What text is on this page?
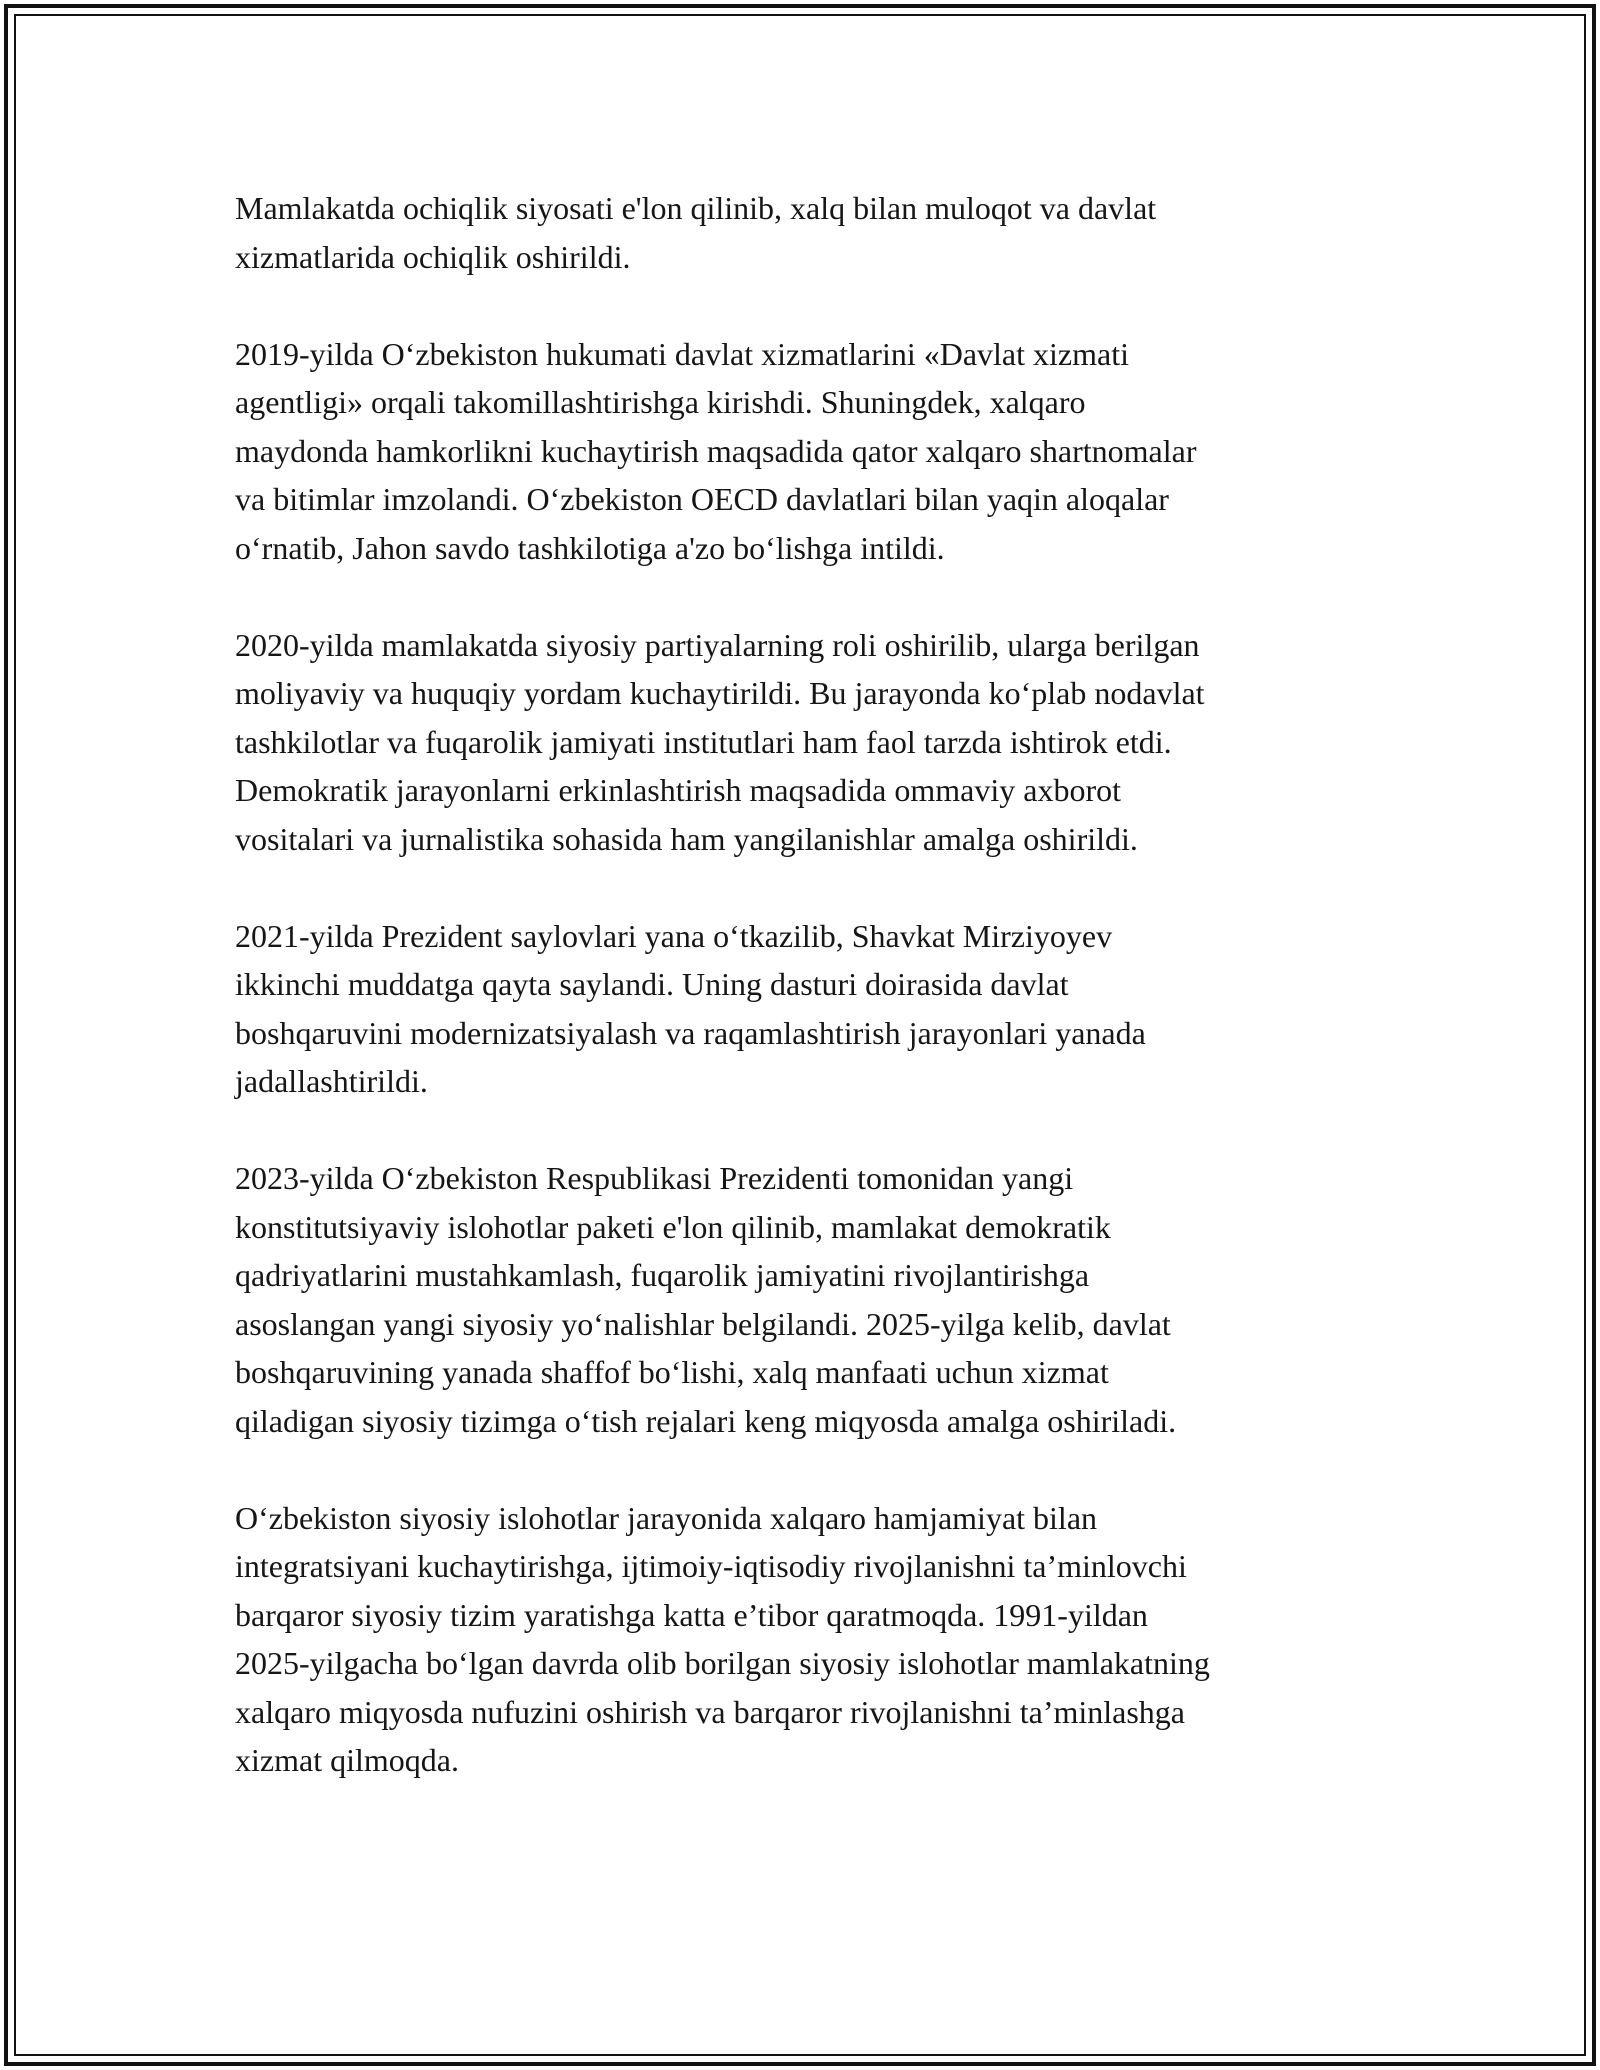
Mamlakatda ochiqlik siyosati e'lon qilinib, xalq bilan muloqot va davlat
xizmatlarida ochiqlik oshirildi.

2019-yilda O‘zbekiston hukumati davlat xizmatlarini «Davlat xizmati
agentligi» orqali takomillashtirishga kirishdi. Shuningdek, xalqaro
maydonda hamkorlikni kuchaytirish maqsadida qator xalqaro shartnomalar
va bitimlar imzolandi. O‘zbekiston OECD davlatlari bilan yaqin aloqalar
o‘rnatib, Jahon savdo tashkilotiga a'zo bo‘lishga intildi.

2020-yilda mamlakatda siyosiy partiyalarning roli oshirilib, ularga berilgan
moliyaviy va huquqiy yordam kuchaytirildi. Bu jarayonda ko‘plab nodavlat
tashkilotlar va fuqarolik jamiyati institutlari ham faol tarzda ishtirok etdi.
Demokratik jarayonlarni erkinlashtirish maqsadida ommaviy axborot
vositalari va jurnalistika sohasida ham yangilanishlar amalga oshirildi.

2021-yilda Prezident saylovlari yana o‘tkazilib, Shavkat Mirziyoyev
ikkinchi muddatga qayta saylandi. Uning dasturi doirasida davlat
boshqaruvini modernizatsiyalash va raqamlashtirish jarayonlari yanada
jadallashtirildi.

2023-yilda O‘zbekiston Respublikasi Prezidenti tomonidan yangi
konstitutsiyaviy islohotlar paketi e'lon qilinib, mamlakat demokratik
qadriyatlarini mustahkamlash, fuqarolik jamiyatini rivojlantirishga
asoslangan yangi siyosiy yo‘nalishlar belgilandi. 2025-yilga kelib, davlat
boshqaruvining yanada shaffof bo‘lishi, xalq manfaati uchun xizmat
qiladigan siyosiy tizimga o‘tish rejalari keng miqyosda amalga oshiriladi.

O‘zbekiston siyosiy islohotlar jarayonida xalqaro hamjamiyat bilan
integratsiyani kuchaytirishga, ijtimoiy-iqtisodiy rivojlanishni ta’minlovchi
barqaror siyosiy tizim yaratishga katta e’tibor qaratmoqda. 1991-yildan
2025-yilgacha bo‘lgan davrda olib borilgan siyosiy islohotlar mamlakatning
xalqaro miqyosda nufuzini oshirish va barqaror rivojlanishni ta’minlashga
xizmat qilmoqda.
